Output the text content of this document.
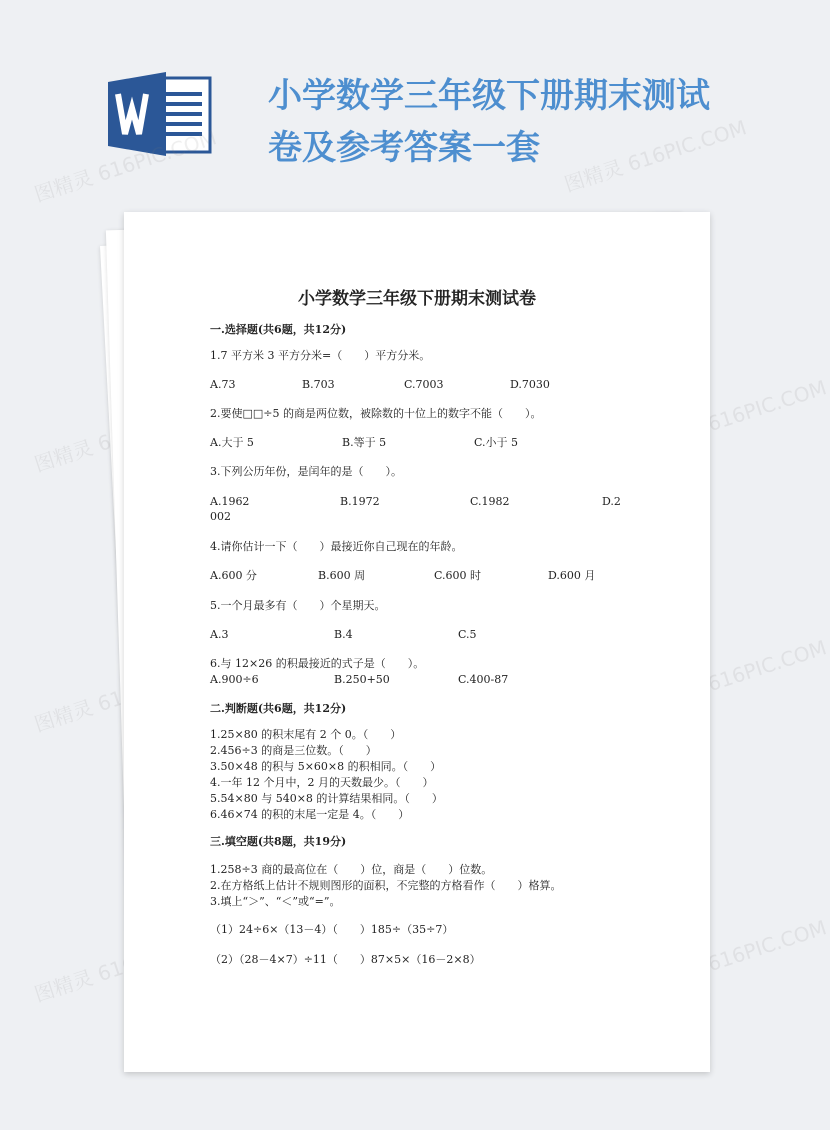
小学数学三年级下册期末测试
卷及参考答案一套
图精灵 616PIC.COM	图精灵 616PIC.COM
图精灵	图精灵 616PIC.COM
图精灵	图精灵 616PIC.COM
图精灵	图精灵 616PIC.COM
小学数学三年级下册期末测试卷
一.选择题(共6题，共12分)
1.7 平方米 3 平方分米=（　　）平方分米。
A.73	B.703	C.7003	D.7030
2.要使□□÷5 的商是两位数，被除数的十位上的数字不能（　　）。
A.大于 5	B.等于 5	C.小于 5
3.下列公历年份，是闰年的是（　　）。
A.1962	B.1972	C.1982	D.2
002
4.请你估计一下（　　）最接近你自己现在的年龄。
A.600 分	B.600 周	C.600 时	D.600 月
5.一个月最多有（　　）个星期天。
A.3	B.4	C.5
6.与 12×26 的积最接近的式子是（　　）。
A.900÷6	B.250+50	C.400-87
二.判断题(共6题，共12分)
1.25×80 的积末尾有 2 个 0。（　　）
2.456÷3 的商是三位数。（　　）
3.50×48 的积与 5×60×8 的积相同。（　　）
4.一年 12 个月中，2 月的天数最少。（　　）
5.54×80 与 540×8 的计算结果相同。（　　）
6.46×74 的积的末尾一定是 4。（　　）
三.填空题(共8题，共19分)
1.258÷3 商的最高位在（　　）位，商是（　　）位数。
2.在方格纸上估计不规则图形的面积，不完整的方格看作（　　）格算。
3.填上“＞”、“＜”或“=”。
（1）24÷6×（13－4）（　　）185÷（35÷7）
（2）（28－4×7）÷11（　　）87×5×（16－2×8）
